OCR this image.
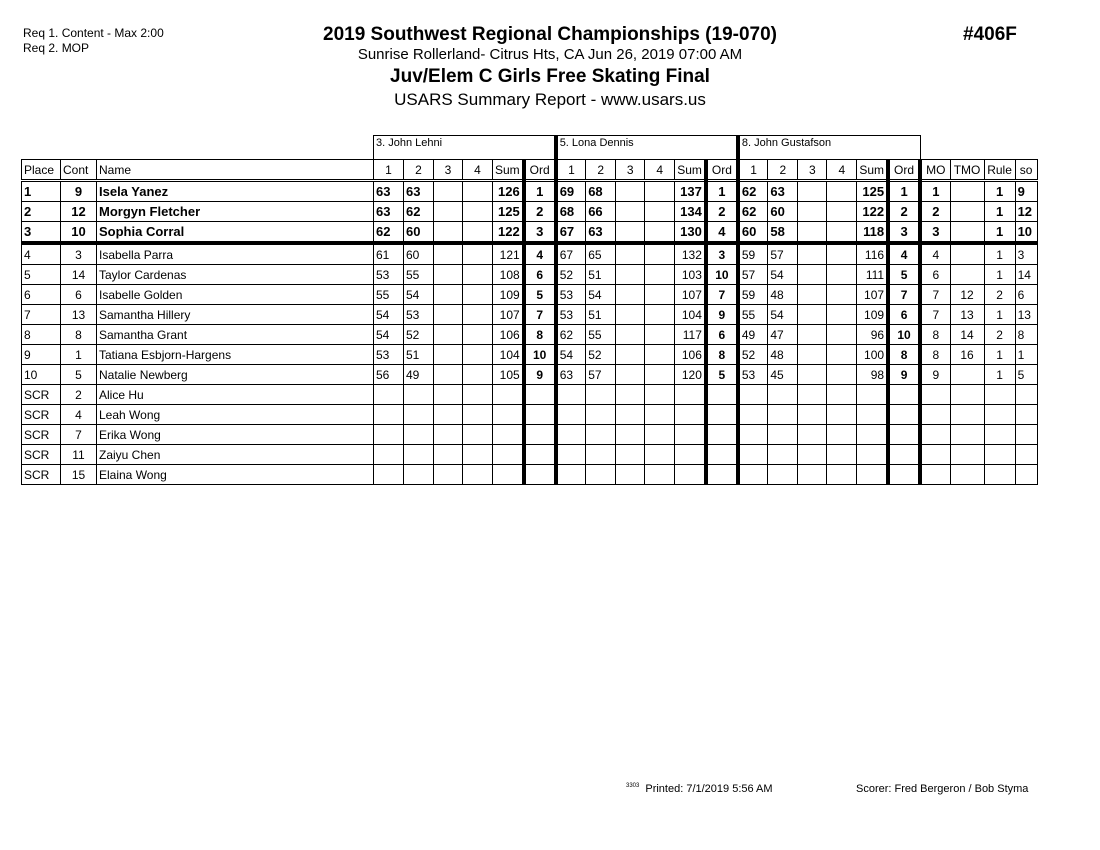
Req 1. Content - Max 2:00
Req 2. MOP
2019 Southwest Regional Championships (19-070)
Sunrise Rollerland- Citrus Hts, CA Jun 26, 2019 07:00 AM
Juv/Elem C Girls Free Skating Final
USARS Summary Report - www.usars.us
#406F
			3. John Lehni						5. Lona Dennis						8. John Gustafson									
Place	Cont	Name	1	2	3	4	Sum	Ord	1	2	3	4	Sum	Ord	1	2	3	4	Sum	Ord	MO	TMO	Rule	so
1	9	Isela Yanez	63	63			126	1	69	68			137	1	62	63			125	1	1		1	9
2	12	Morgyn Fletcher	63	62			125	2	68	66			134	2	62	60			122	2	2		1	12
3	10	Sophia Corral	62	60			122	3	67	63			130	4	60	58			118	3	3		1	10
4	3	Isabella Parra	61	60			121	4	67	65			132	3	59	57			116	4	4		1	3
5	14	Taylor Cardenas	53	55			108	6	52	51			103	10	57	54			111	5	6		1	14
6	6	Isabelle Golden	55	54			109	5	53	54			107	7	59	48			107	7	7	12	2	6
7	13	Samantha Hillery	54	53			107	7	53	51			104	9	55	54			109	6	7	13	1	13
8	8	Samantha Grant	54	52			106	8	62	55			117	6	49	47			96	10	8	14	2	8
9	1	Tatiana Esbjorn-Hargens	53	51			104	10	54	52			106	8	52	48			100	8	8	16	1	1
10	5	Natalie Newberg	56	49			105	9	63	57			120	5	53	45			98	9	9		1	5
SCR	2	Alice Hu																						
SCR	4	Leah Wong																						
SCR	7	Erika Wong																						
SCR	11	Zaiyu Chen																						
SCR	15	Elaina Wong																						
$^{3303}$ Printed: 7/1/2019 5:56 AM	Scorer: Fred Bergeron / Bob Styma
